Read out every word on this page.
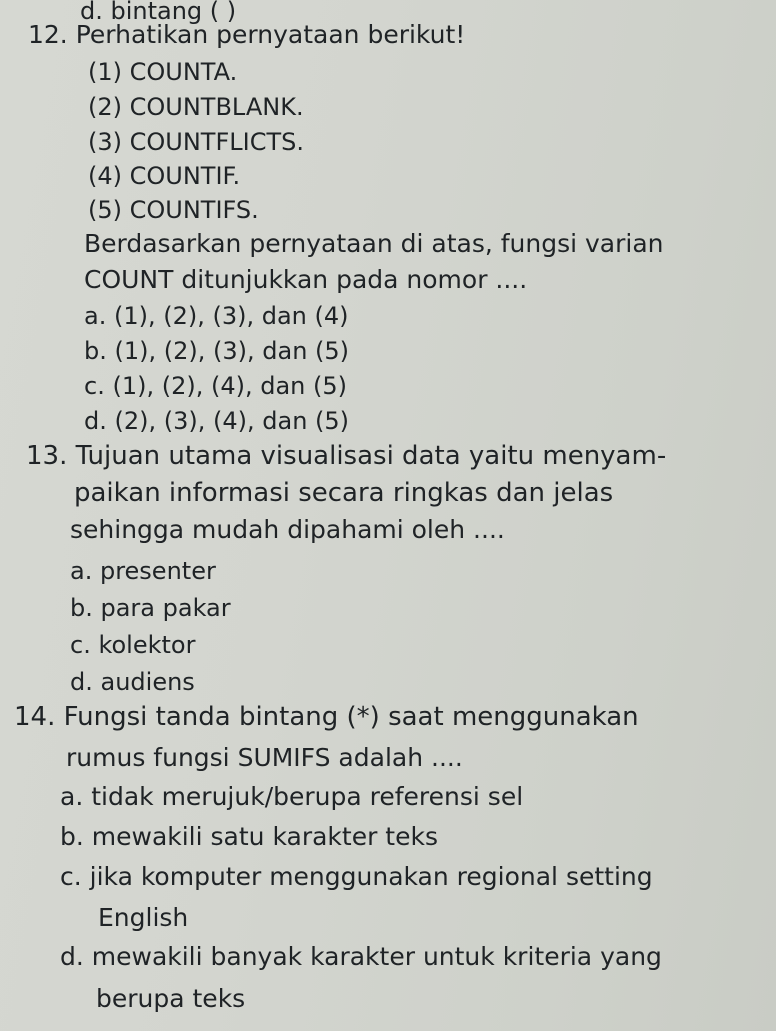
d. bintang ( )
12. Perhatikan pernyataan berikut!
(1) COUNTA.
(2) COUNTBLANK.
(3) COUNTFLICTS.
(4) COUNTIF.
(5) COUNTIFS.
Berdasarkan pernyataan di atas, fungsi varian
COUNT ditunjukkan pada nomor ....
a. (1), (2), (3), dan (4)
b. (1), (2), (3), dan (5)
c. (1), (2), (4), dan (5)
d. (2), (3), (4), dan (5)
13. Tujuan utama visualisasi data yaitu menyam-
paikan informasi secara ringkas dan jelas
sehingga mudah dipahami oleh ....
a. presenter
b. para pakar
c. kolektor
d. audiens
14. Fungsi tanda bintang (*) saat menggunakan
rumus fungsi SUMIFS adalah ....
a. tidak merujuk/berupa referensi sel
b. mewakili satu karakter teks
c. jika komputer menggunakan regional setting
English
d. mewakili banyak karakter untuk kriteria yang
berupa teks
